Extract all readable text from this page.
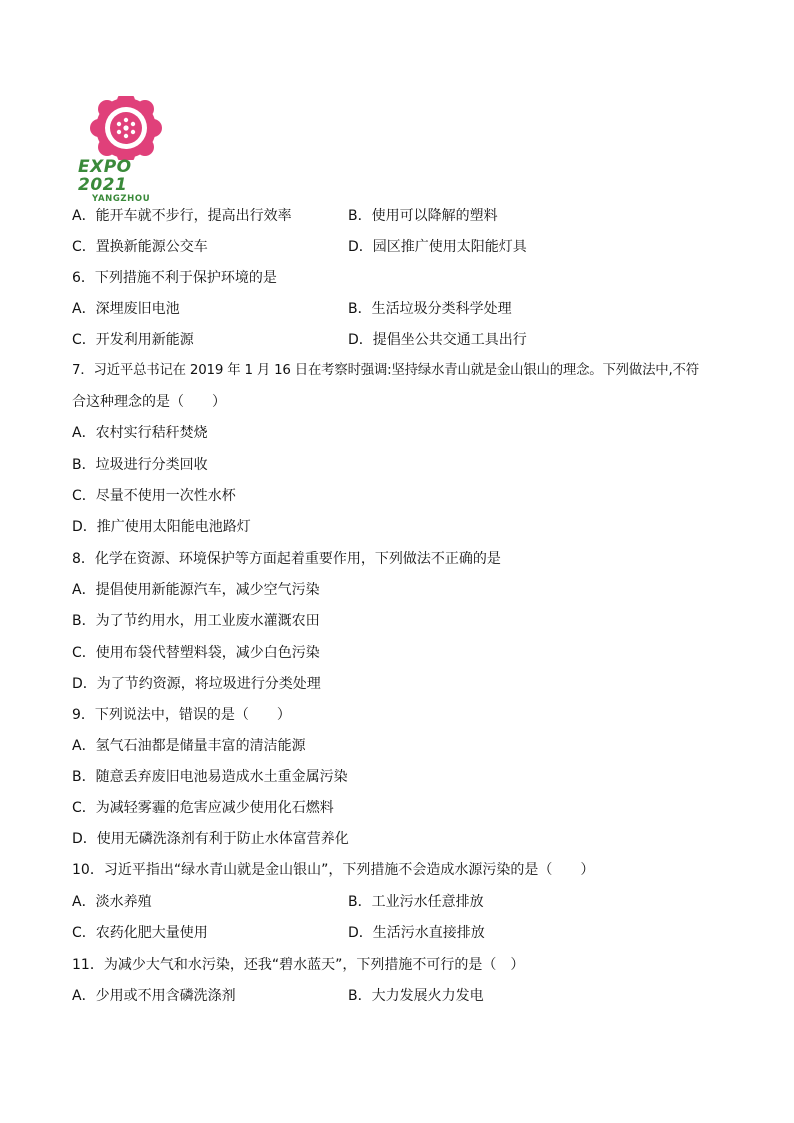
EXPO 2021
YANGZHOU
A．能开车就不步行，提高出行效率	B．使用可以降解的塑料
C．置换新能源公交车	D．园区推广使用太阳能灯具
6．下列措施不利于保护环境的是
A．深埋废旧电池	B．生活垃圾分类科学处理
C．开发利用新能源	D．提倡坐公共交通工具出行
7．习近平总书记在 2019 年 1 月 16 日在考察时强调:坚持绿水青山就是金山银山的理念。下列做法中,不符
合这种理念的是（　　）
A．农村实行秸秆焚烧
B．垃圾进行分类回收
C．尽量不使用一次性水杯
D．推广使用太阳能电池路灯
8．化学在资源、环境保护等方面起着重要作用，下列做法不正确的是
A．提倡使用新能源汽车，减少空气污染
B．为了节约用水，用工业废水灌溉农田
C．使用布袋代替塑料袋，减少白色污染
D．为了节约资源，将垃圾进行分类处理
9．下列说法中，错误的是（　　）
A．氢气石油都是储量丰富的清洁能源
B．随意丢弃废旧电池易造成水土重金属污染
C．为减轻雾霾的危害应减少使用化石燃料
D．使用无磷洗涤剂有利于防止水体富营养化
10．习近平指出“绿水青山就是金山银山”，下列措施不会造成水源污染的是（　　）
A．淡水养殖	B．工业污水任意排放
C．农药化肥大量使用	D．生活污水直接排放
11．为减少大气和水污染，还我“碧水蓝天”，下列措施不可行的是（　）
A．少用或不用含磷洗涤剂	B．大力发展火力发电
